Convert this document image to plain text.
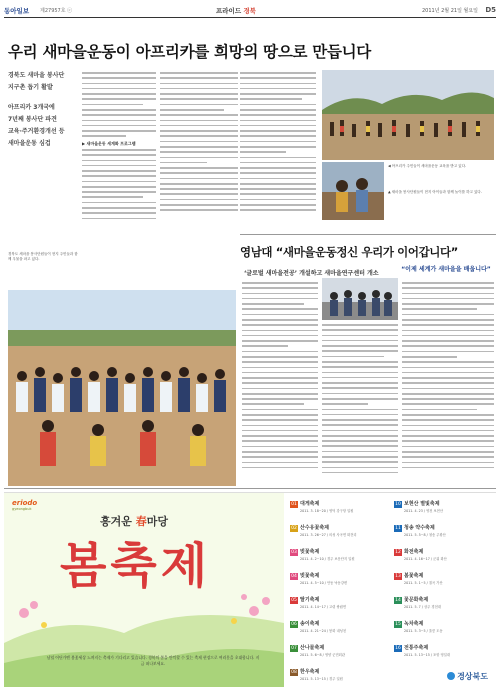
동아일보 제27957호 ⓒ	프라이드 경북	2011년 2월 21일 월요일 D5
우리 새마을운동이 아프리카를 희망의 땅으로 만듭니다
경북도 새마을 봉사단
지구촌 돕기 활발
아프리카 3개국에
7년째 봉사단 파견
교육·주거환경개선 등
새마을운동 심겁	▶ 새마을운동 세계화 프로그램
◀ 아프리카 주민들이 새마을운동 교육을 받고 있다.
▲ 새마을 봉사단원들이 현지 아이들과 함께 놀이를 하고 있다.
경북도 새마을 봉사단원들이 현지 주민들과 함께 우물을 파고 있다.	영남대 “새마을운동정신 우리가 이어갑니다”
‘글로벌 새마을전공’ 개설하고 새마을연구센터 개소
“이제 세계가 새마을을 배웁니다”
eriodo
gyeongbuk
흥겨운 春마당
봄축제
남녘 어딘가엔 봄꽃세상 느껴지는 축제가 기다리고 있습니다. 경북의 봄을 만끽할 수 있는 축제 현장으로 여러분을 초대합니다. 지금 떠나보세요.
01 대게축제
2011. 3. 18~20 / 영덕 강구항 일원
02 산수유꽃축제
2011. 3. 26~27 / 의성 사곡면 화전리
03 벚꽃축제
2011. 4. 2~10 / 경주 보문단지 일원
04 벚꽃축제
2011. 4. 5~10 / 안동 낙동강변
05 딸기축제
2011. 4. 14~17 / 고령 쌍림면
06 송이축제
2011. 4. 21~24 / 봉화 내성천
07 산나물축제
2011. 5. 6~8 / 영양 군민회관
08 한우축제
2011. 5. 13~15 / 경주 일원
10 보현산 별빛축제
2011. 4. 23 / 영천 보현산
11 청송 약수축제
2011. 5. 5~8 / 청송 주왕산
12 화전축제
2011. 4. 16~17 / 군위 화산
13 봄꽃축제
2011. 5. 1~5 / 칠곡 가산
14 꽃문화축제
2011. 5. 7 / 상주 경천대
15 녹차축제
2011. 5. 3~5 / 울릉 도동
16 전통주축제
2011. 5. 13~15 / 포항 영일대
경상북도
